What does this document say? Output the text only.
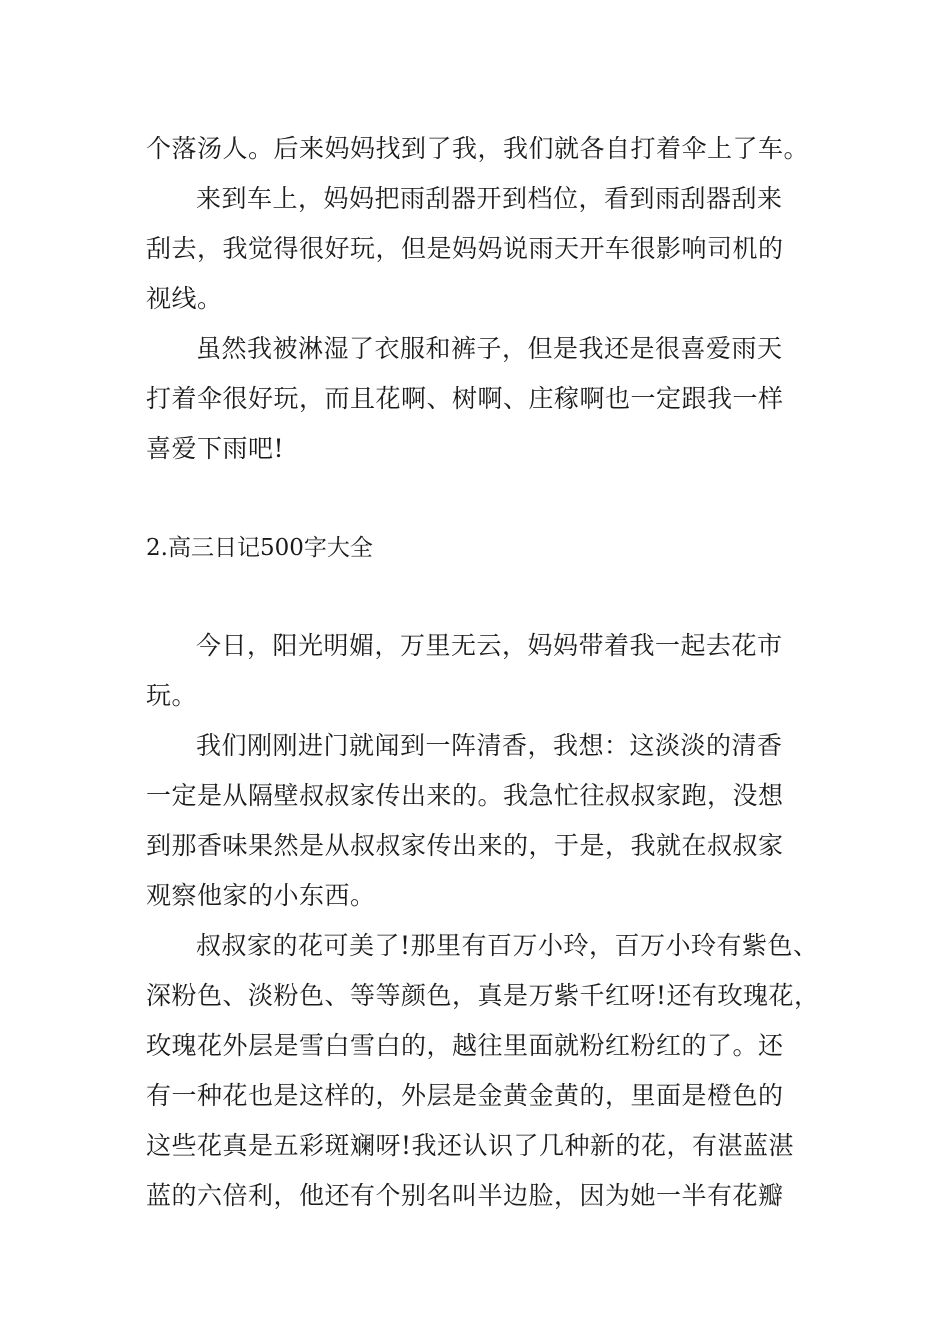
个落汤人。后来妈妈找到了我，我们就各自打着伞上了车。
来到车上，妈妈把雨刮器开到档位，看到雨刮器刮来
刮去，我觉得很好玩，但是妈妈说雨天开车很影响司机的
视线。
虽然我被淋湿了衣服和裤子，但是我还是很喜爱雨天
打着伞很好玩，而且花啊、树啊、庄稼啊也一定跟我一样
喜爱下雨吧!
2.高三日记500字大全
今日，阳光明媚，万里无云，妈妈带着我一起去花市
玩。
我们刚刚进门就闻到一阵清香，我想：这淡淡的清香
一定是从隔壁叔叔家传出来的。我急忙往叔叔家跑，没想
到那香味果然是从叔叔家传出来的，于是，我就在叔叔家
观察他家的小东西。
叔叔家的花可美了!那里有百万小玲，百万小玲有紫色、
深粉色、淡粉色、等等颜色，真是万紫千红呀!还有玫瑰花，
玫瑰花外层是雪白雪白的，越往里面就粉红粉红的了。还
有一种花也是这样的，外层是金黄金黄的，里面是橙色的
这些花真是五彩斑斓呀!我还认识了几种新的花，有湛蓝湛
蓝的六倍利，他还有个别名叫半边脸，因为她一半有花瓣
